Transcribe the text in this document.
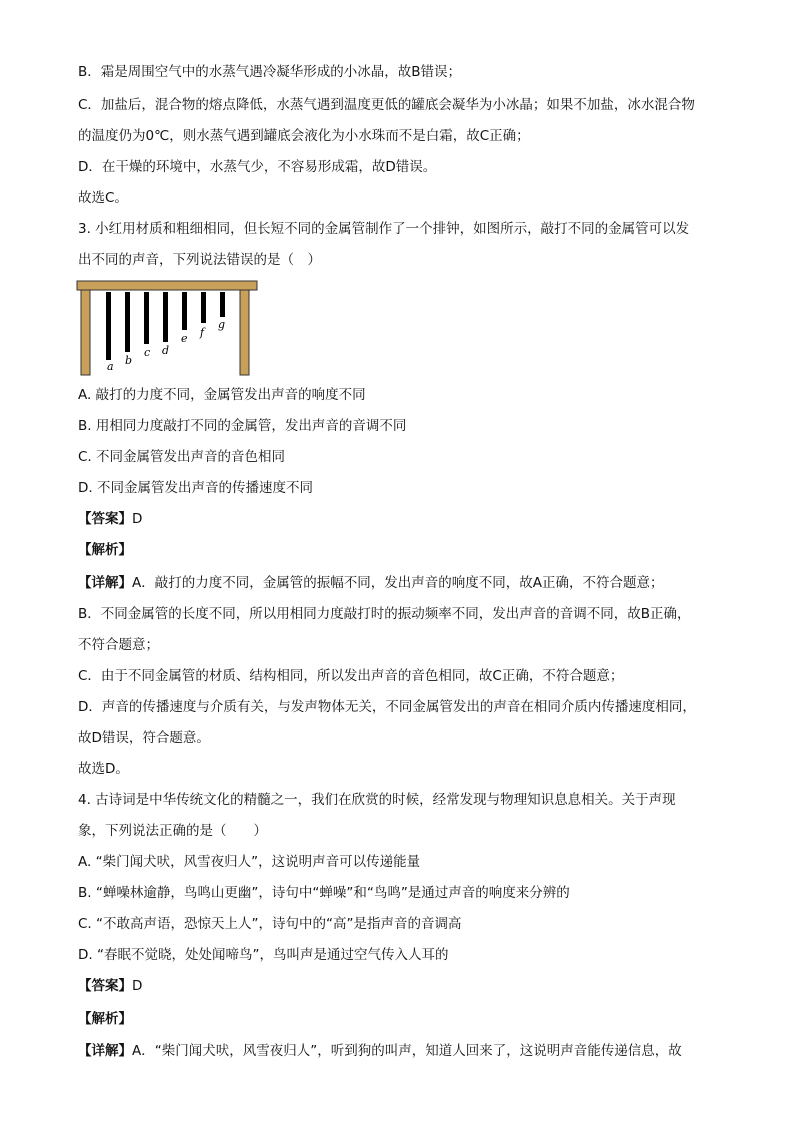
B．霜是周围空气中的水蒸气遇冷凝华形成的小冰晶，故B错误；
C．加盐后，混合物的熔点降低，水蒸气遇到温度更低的罐底会凝华为小冰晶；如果不加盐，冰水混合物
的温度仍为0℃，则水蒸气遇到罐底会液化为小水珠而不是白霜，故C正确；
D．在干燥的环境中，水蒸气少，不容易形成霜，故D错误。
故选C。
3. 小红用材质和粗细相同，但长短不同的金属管制作了一个排钟，如图所示，敲打不同的金属管可以发
出不同的声音，下列说法错误的是（　）
a b
c d
e f
g
A. 敲打的力度不同，金属管发出声音的响度不同
B. 用相同力度敲打不同的金属管，发出声音的音调不同
C. 不同金属管发出声音的音色相同
D. 不同金属管发出声音的传播速度不同
【答案】D
【解析】
【详解】A．敲打的力度不同，金属管的振幅不同，发出声音的响度不同，故A正确，不符合题意；
B．不同金属管的长度不同，所以用相同力度敲打时的振动频率不同，发出声音的音调不同，故B正确，
不符合题意；
C．由于不同金属管的材质、结构相同，所以发出声音的音色相同，故C正确，不符合题意；
D．声音的传播速度与介质有关，与发声物体无关，不同金属管发出的声音在相同介质内传播速度相同，
故D错误，符合题意。
故选D。
4. 古诗词是中华传统文化的精髓之一，我们在欣赏的时候，经常发现与物理知识息息相关。关于声现
象，下列说法正确的是（　　）
A. “柴门闻犬吠，风雪夜归人”，这说明声音可以传递能量
B. “蝉噪林逾静，鸟鸣山更幽”，诗句中“蝉噪”和“鸟鸣”是通过声音的响度来分辨的
C. “不敢高声语，恐惊天上人”，诗句中的“高”是指声音的音调高
D. “春眠不觉晓，处处闻啼鸟”，鸟叫声是通过空气传入人耳的
【答案】D
【解析】
【详解】A．“柴门闻犬吠，风雪夜归人”，听到狗的叫声，知道人回来了，这说明声音能传递信息，故
